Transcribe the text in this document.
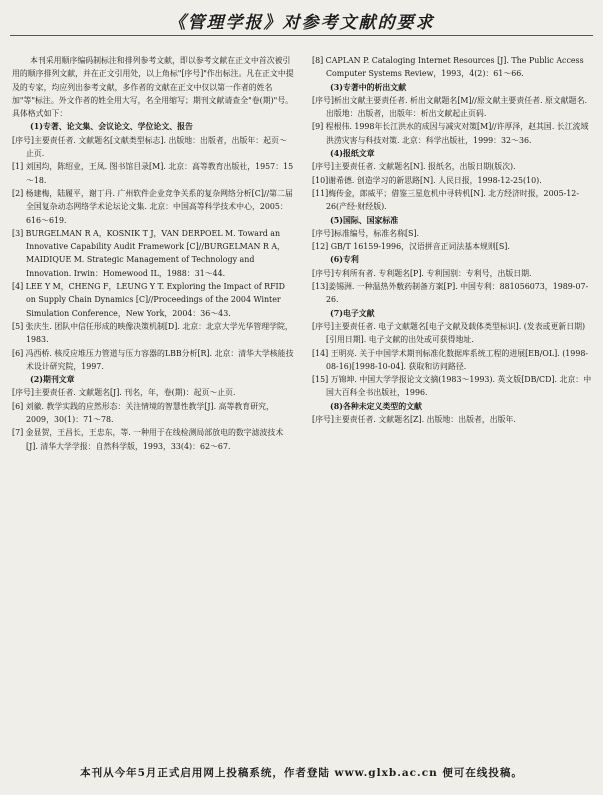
《管理学报》对参考文献的要求

本刊采用顺序编码制标注和排列参考文献，即以参考文献在正文中首次被引用的顺序排列文献，并在正文引用处，以上角标"[序号]"作出标注。凡在正文中提及的专家，均应列出参考文献，多作者的文献在正文中仅以第一作者的姓名加"等"标注。外文作者的姓全用大写，名全用缩写；期刊文献请查全"卷(期)"号。具体格式如下：

(1)专著、论文集、会议论文、学位论文、报告

[序号]主要责任者. 文献题名[文献类型标志]. 出版地：出版者，出版年：起页～止页.

[1] 刘国均，陈绍业，王凤. 图书馆目录[M]. 北京：高等教育出版社，1957：15～18.

[2] 杨建梅，陆履平，谢丁丹. 广州软件企业竞争关系的复杂网络分析[C]//第二届全国复杂动态网络学术论坛论文集. 北京：中国高等科学技术中心，2005：616～619.

[3] BURGELMAN R A，KOSNIK T J，VAN DERPOEL M. Toward an Innovative Capability Audit Framework [C]//BURGELMAN R A，MAIDIQUE M. Strategic Management of Technology and Innovation. Irwin：Homewood IL，1988：31～44.

[4] LEE Y M，CHENG F，LEUNG Y T. Exploring the Impact of RFID on Supply Chain Dynamics [C]//Proceedings of the 2004 Winter Simulation Conference，New York，2004：36～43.

[5] 张庆生. 团队中信任形成的映像决策机制[D]. 北京：北京大学光华管理学院，1983.

[6] 冯西桥. 核反应堆压力管道与压力容器的LBB分析[R]. 北京：清华大学核能技术设计研究院，1997.

(2)期刊文章

[序号]主要责任者. 文献题名[J]. 刊名，年，卷(期)：起页～止页.

[6] 刘徽. 教学实践的应然形态：关注情境的智慧性教学[J]. 高等教育研究，2009，30(1)：71～78.

[7] 金显贺，王昌长，王忠东，等. 一种用于在线检测局部放电的数字滤波技术[J]. 清华大学学报：自然科学版，1993，33(4)：62～67.

[8] CAPLAN P. Cataloging Internet Resources [J]. The Public Access Computer Systems Review，1993，4(2)：61～66.

(3)专著中的析出文献

[序号]析出文献主要责任者. 析出文献题名[M]//原文献主要责任者. 原文献题名. 出版地：出版者，出版年：析出文献起止页码.

[9] 程根伟. 1998年长江洪水的成因与减灾对策[M]//许厚泽，赵其国. 长江流域洪涝灾害与科技对策. 北京：科学出版社，1999：32～36.

(4)报纸文章

[序号]主要责任者. 文献题名[N]. 报纸名，出版日期(版次).

[10]谢希德. 创造学习的新思路[N]. 人民日报，1998-12-25(10).

[11]梅传金，郎威平；借鉴三星危机中寻转机[N]. 北方经济时报，2005-12-26(产经·财经版).

(5)国际、国家标准

[序号]标准编号，标准名称[S].

[12] GB/T 16159-1996，汉语拼音正词法基本规则[S].

(6)专利

[序号]专利所有者. 专利题名[P]. 专利国别：专利号，出版日期.

[13]姜锡洲. 一种温热外敷药制备方案[P]. 中国专利：881056073，1989-07-26.

(7)电子文献

[序号]主要责任者. 电子文献题名[电子文献及载体类型标识]. (发表或更新日期)[引用日期]. 电子文献的出处或可获得地址.

[14] 王明亮. 关于中国学术期刊标准化数据库系统工程的进展[EB/OL]. (1998-08-16)[1998-10-04]. 获取和访问路径.

[15] 万锦坤. 中国大学学报论文文摘(1983～1993). 英文版[DB/CD]. 北京：中国大百科全书出版社，1996.

(8)各种未定义类型的文献

[序号]主要责任者. 文献题名[Z]. 出版地：出版者，出版年.

本刊从今年5月正式启用网上投稿系统，作者登陆 www.glxb.ac.cn 便可在线投稿。
